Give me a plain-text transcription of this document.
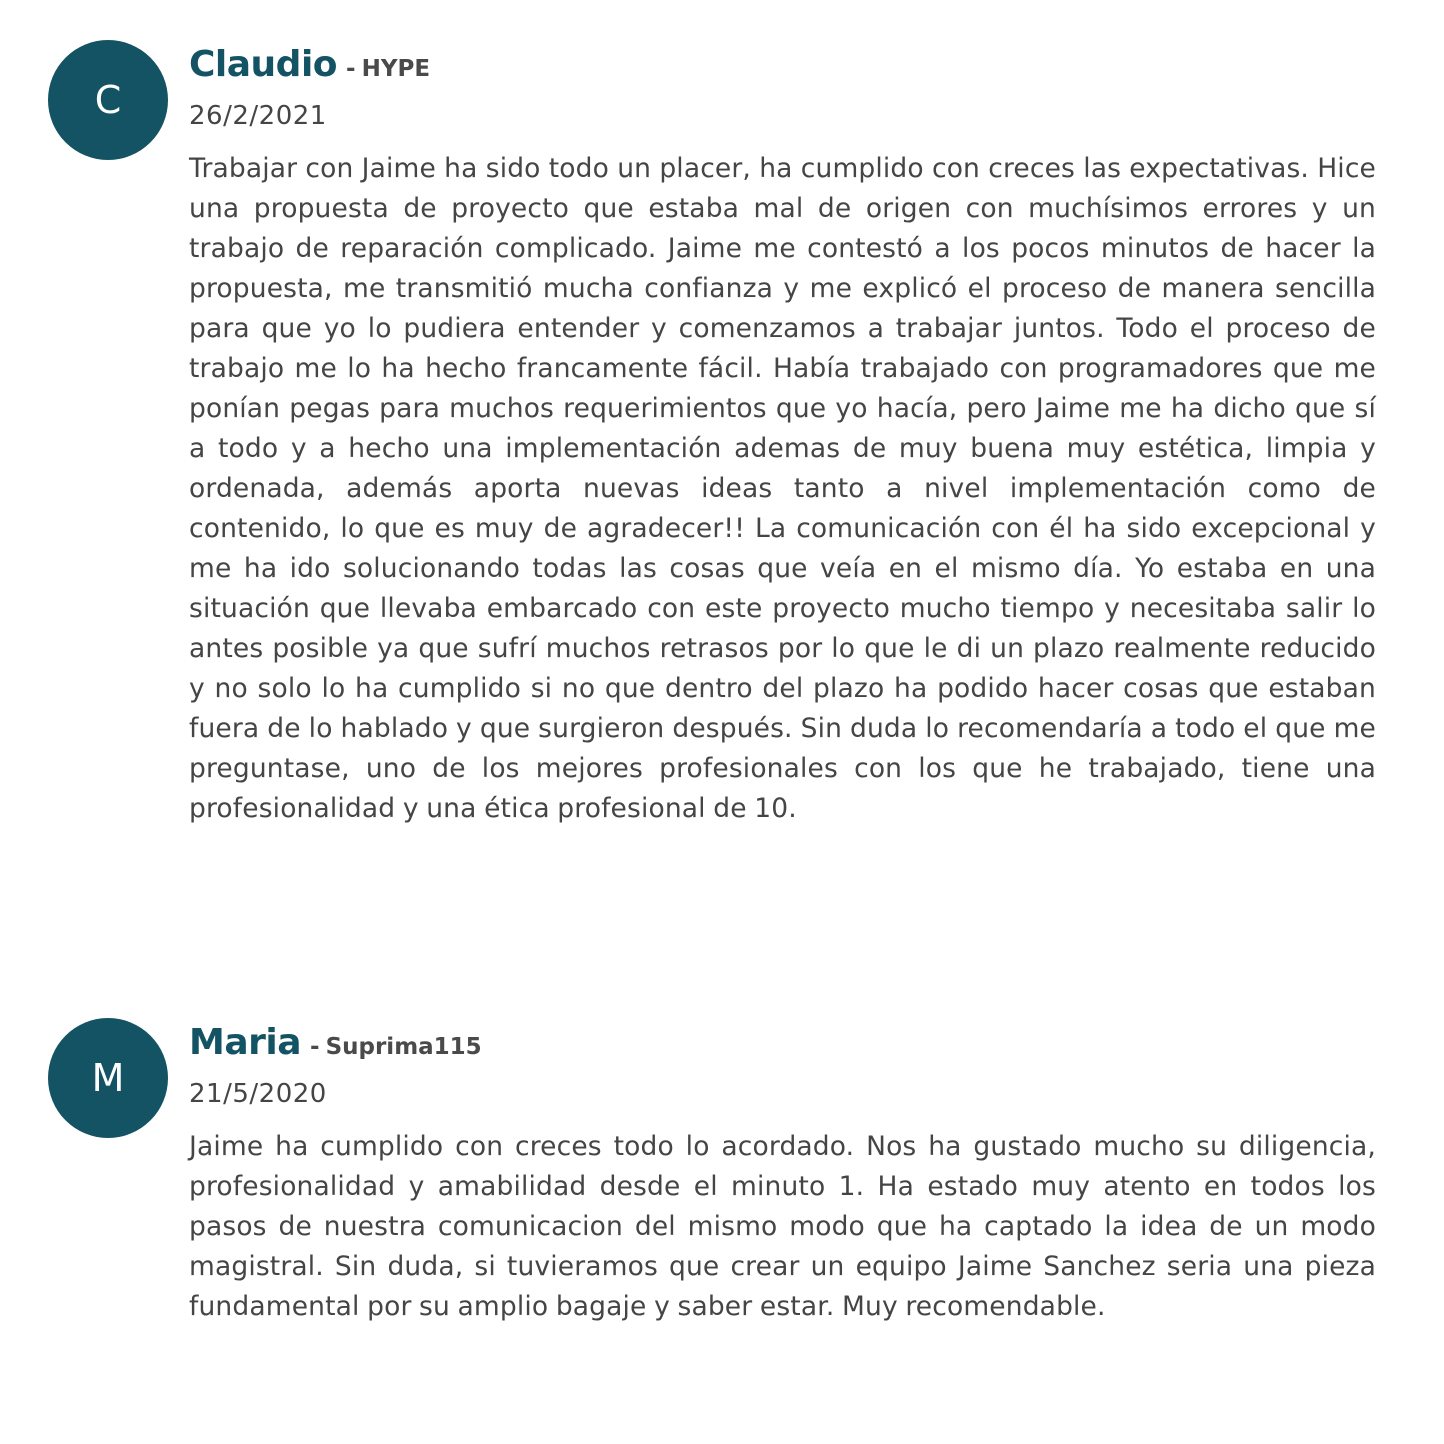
C
Claudio - HYPE
26/2/2021

Trabajar con Jaime ha sido todo un placer, ha cumplido con creces las expectativas. Hice una propuesta de proyecto que estaba mal de origen con muchísimos errores y un trabajo de reparación complicado. Jaime me contestó a los pocos minutos de hacer la propuesta, me transmitió mucha confianza y me explicó el proceso de manera sencilla para que yo lo pudiera entender y comenzamos a trabajar juntos. Todo el proceso de trabajo me lo ha hecho francamente fácil. Había trabajado con programadores que me ponían pegas para muchos requerimientos que yo hacía, pero Jaime me ha dicho que sí a todo y a hecho una implementación ademas de muy buena muy estética, limpia y ordenada, además aporta nuevas ideas tanto a nivel implementación como de contenido, lo que es muy de agradecer!! La comunicación con él ha sido excepcional y me ha ido solucionando todas las cosas que veía en el mismo día. Yo estaba en una situación que llevaba embarcado con este proyecto mucho tiempo y necesitaba salir lo antes posible ya que sufrí muchos retrasos por lo que le di un plazo realmente reducido y no solo lo ha cumplido si no que dentro del plazo ha podido hacer cosas que estaban fuera de lo hablado y que surgieron después. Sin duda lo recomendaría a todo el que me preguntase, uno de los mejores profesionales con los que he trabajado, tiene una profesionalidad y una ética profesional de 10.

M
Maria - Suprima115
21/5/2020

Jaime ha cumplido con creces todo lo acordado. Nos ha gustado mucho su diligencia, profesionalidad y amabilidad desde el minuto 1. Ha estado muy atento en todos los pasos de nuestra comunicacion del mismo modo que ha captado la idea de un modo magistral. Sin duda, si tuvieramos que crear un equipo Jaime Sanchez seria una pieza fundamental por su amplio bagaje y saber estar. Muy recomendable.
